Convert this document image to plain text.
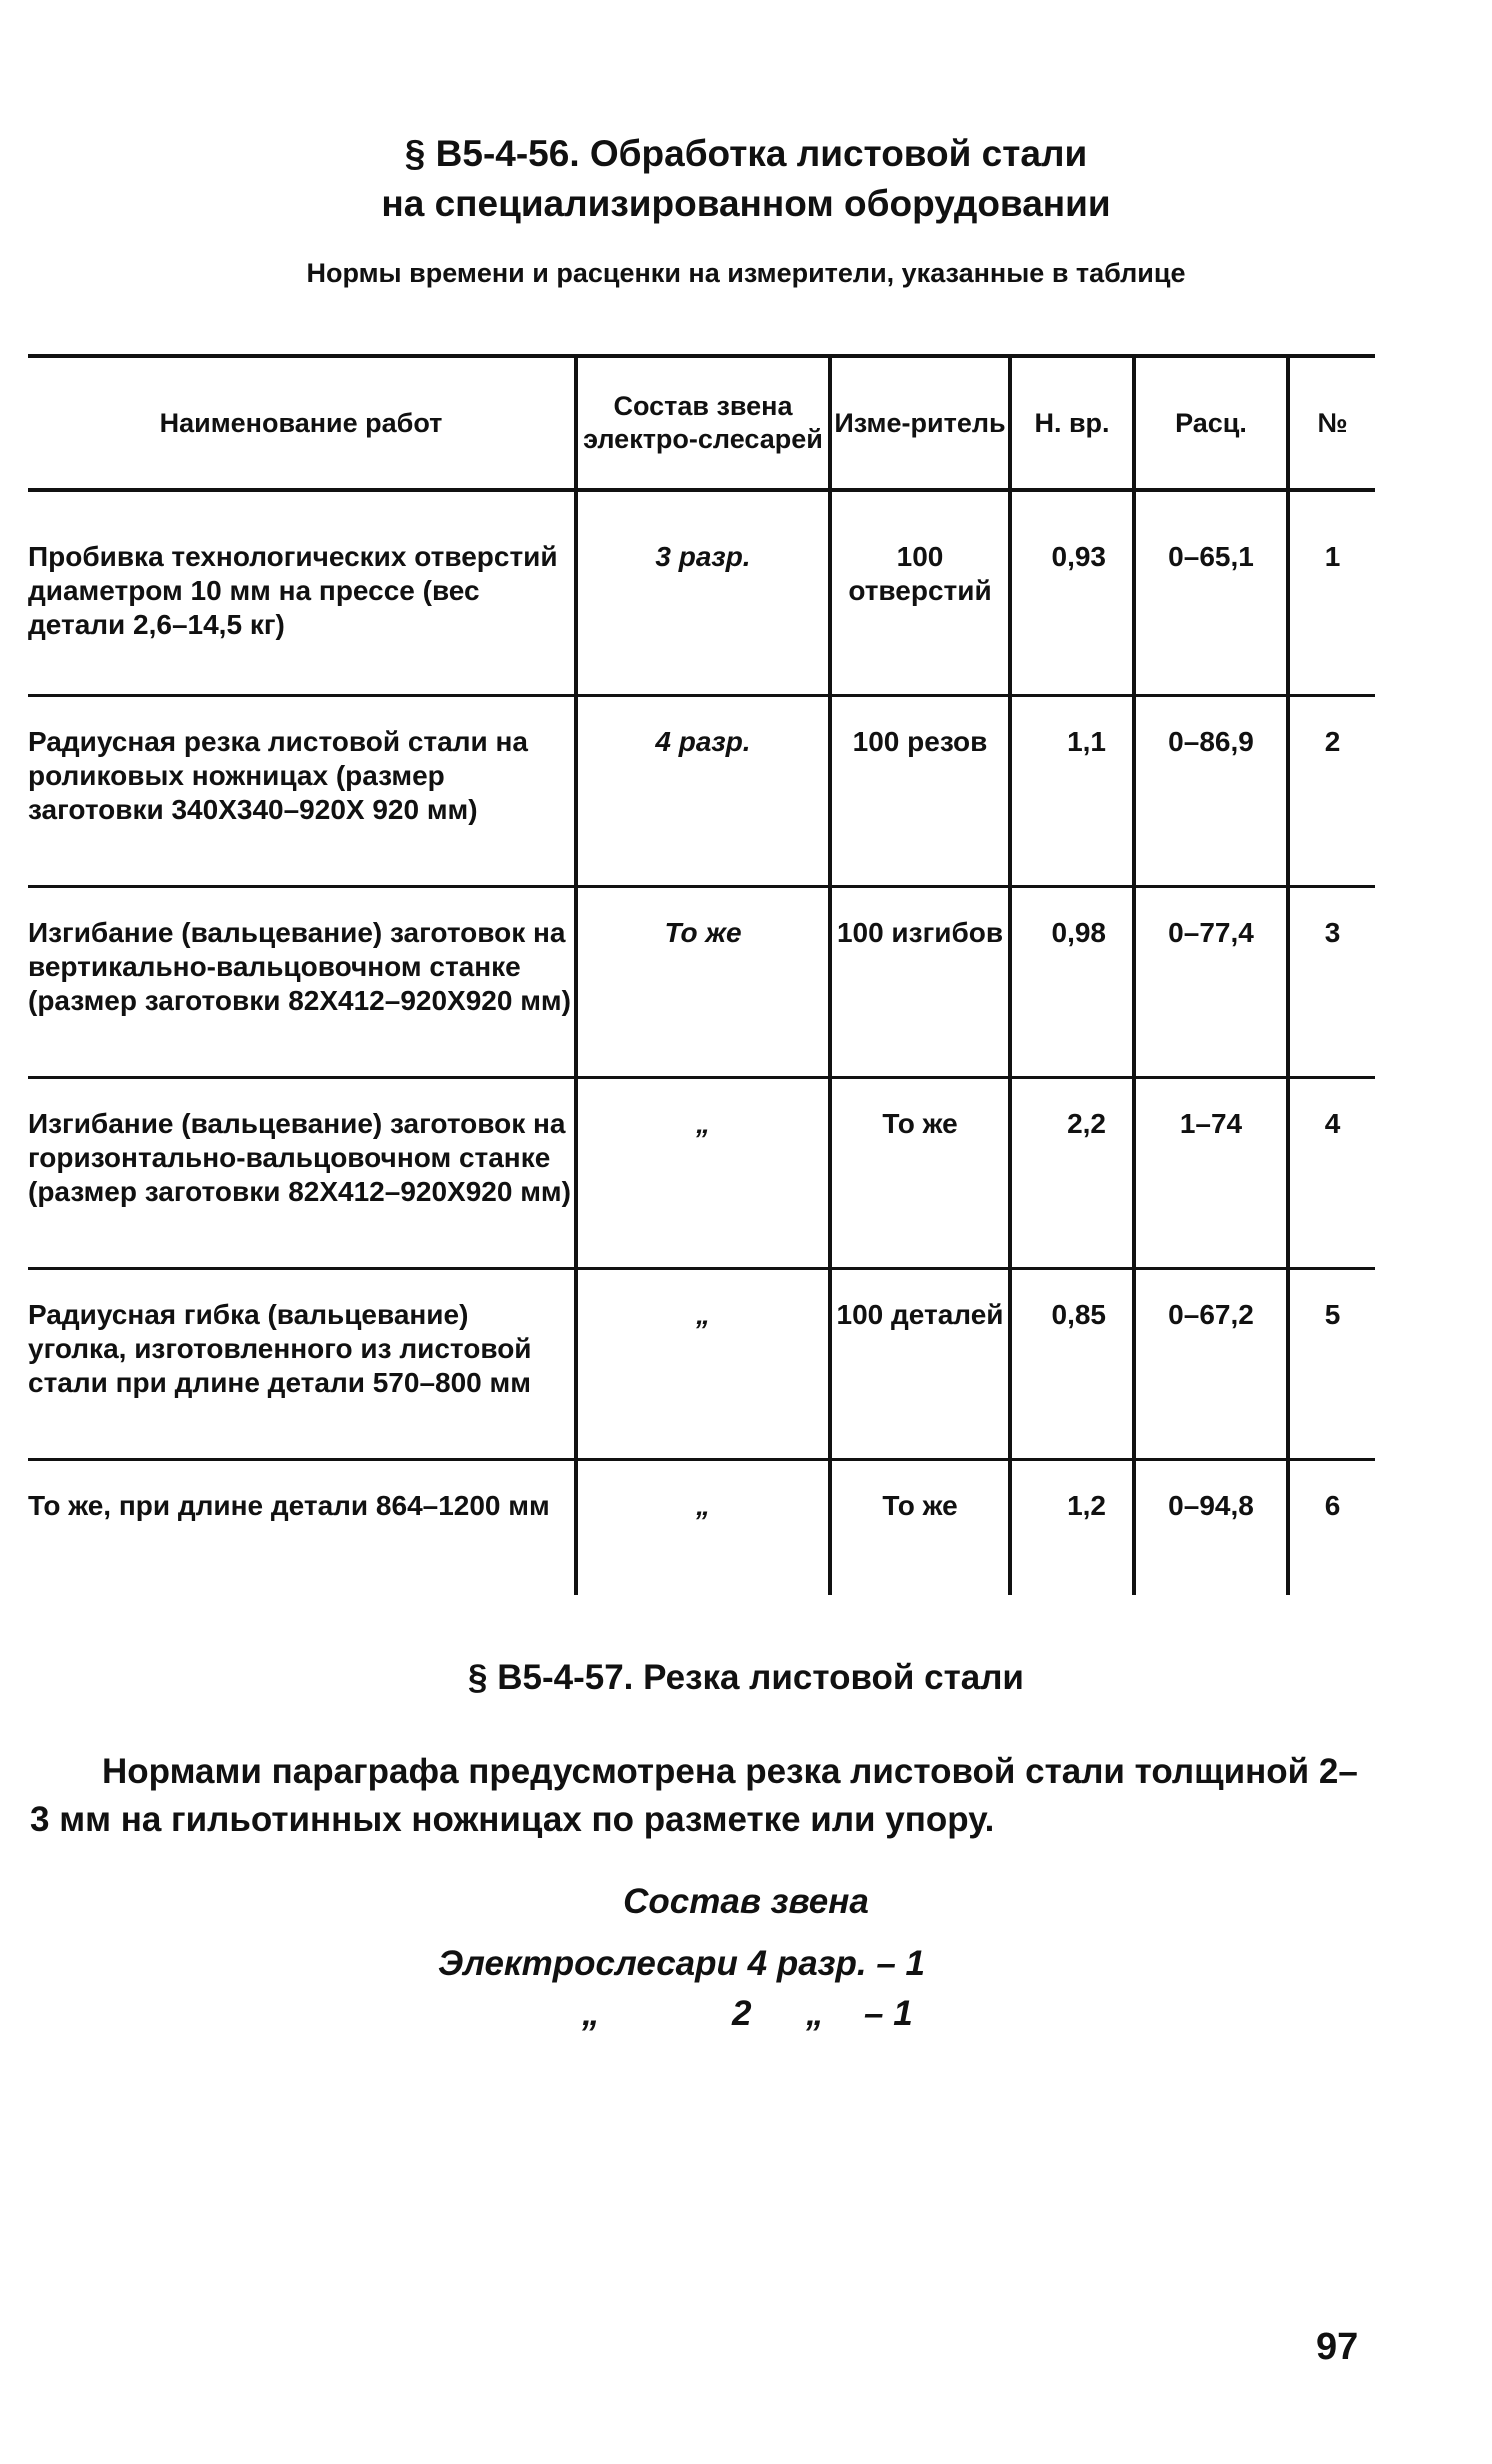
§ В5-4-56. Обработка листовой стали
на специализированном оборудовании
Нормы времени и расценки на измерители, указанные в таблице
Наименование работ	Состав звена электро-слесарей	Изме-ритель	Н. вр.	Расц.	№
Пробивка технологических отверстий диаметром 10 мм на прессе (вес детали 2,6–14,5 кг)	3 разр.	100 отверстий	0,93	0–65,1	1
Радиусная резка листовой стали на роликовых ножницах (размер заготовки 340Х340–920Х 920 мм)	4 разр.	100 резов	1,1	0–86,9	2
Изгибание (вальцевание) заготовок на вертикально-вальцовочном станке (размер заготовки 82Х412–920Х920 мм)	То же	100 изгибов	0,98	0–77,4	3
Изгибание (вальцевание) заготовок на горизонтально-вальцовочном станке (размер заготовки 82Х412–920Х920 мм)	„	То же	2,2	1–74	4
Радиусная гибка (вальцевание) уголка, изготовленного из листовой стали при длине детали 570–800 мм	„	100 деталей	0,85	0–67,2	5
То же, при длине детали 864–1200 мм	„	То же	1,2	0–94,8	6
§ В5-4-57. Резка листовой стали
Нормами параграфа предусмотрена резка листовой стали толщиной 2–3 мм на гильотинных ножницах по разметке или упору.
Состав звена
Электрослесари 4 разр. – 1
„	2 „ – 1
97
